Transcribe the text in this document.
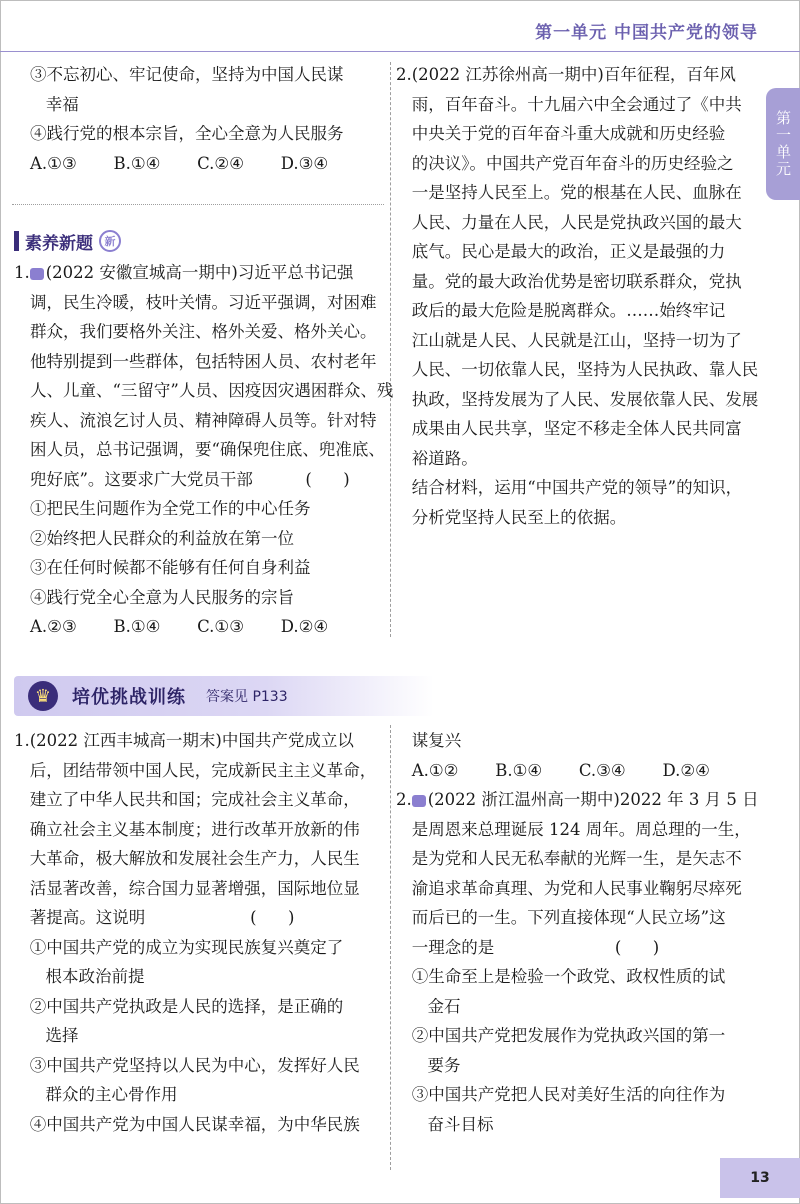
第一单元 中国共产党的领导
第一单元

③不忘初心、牢记使命，坚持为中国人民谋

幸福

④践行党的根本宗旨，全心全意为人民服务

A.①③       B.①④       C.②④       D.③④

素养新题	新

1. (2022 安徽宣城高一期中)习近平总书记强

调，民生冷暖，枝叶关情。习近平强调，对困难

群众，我们要格外关注、格外关爱、格外关心。

他特别提到一些群体，包括特困人员、农村老年

人、儿童、“三留守”人员、因疫因灾遇困群众、残

疾人、流浪乞讨人员、精神障碍人员等。针对特

困人员，总书记强调，要“确保兜住底、兜准底、

兜好底”。这要求广大党员干部          (      )

①把民生问题作为全党工作的中心任务

②始终把人民群众的利益放在第一位

③在任何时候都不能够有任何自身利益

④践行党全心全意为人民服务的宗旨

A.②③       B.①④       C.①③       D.②④

2.(2022 江苏徐州高一期中)百年征程，百年风

雨，百年奋斗。十九届六中全会通过了《中共

中央关于党的百年奋斗重大成就和历史经验

的决议》。中国共产党百年奋斗的历史经验之

一是坚持人民至上。党的根基在人民、血脉在

人民、力量在人民，人民是党执政兴国的最大

底气。民心是最大的政治，正义是最强的力

量。党的最大政治优势是密切联系群众，党执

政后的最大危险是脱离群众。……始终牢记

江山就是人民、人民就是江山，坚持一切为了

人民、一切依靠人民，坚持为人民执政、靠人民

执政，坚持发展为了人民、发展依靠人民、发展

成果由人民共享，坚定不移走全体人民共同富

裕道路。

结合材料，运用“中国共产党的领导”的知识，

分析党坚持人民至上的依据。

♛	培优挑战训练 答案见 P133

1.(2022 江西丰城高一期末)中国共产党成立以

后，团结带领中国人民，完成新民主主义革命，

建立了中华人民共和国；完成社会主义革命，

确立社会主义基本制度；进行改革开放新的伟

大革命，极大解放和发展社会生产力，人民生

活显著改善，综合国力显著增强，国际地位显

著提高。这说明                    (      )

①中国共产党的成立为实现民族复兴奠定了

根本政治前提

②中国共产党执政是人民的选择，是正确的

选择

③中国共产党坚持以人民为中心，发挥好人民

群众的主心骨作用

④中国共产党为中国人民谋幸福，为中华民族

谋复兴

A.①②       B.①④       C.③④       D.②④

2. (2022 浙江温州高一期中)2022 年 3 月 5 日

是周恩来总理诞辰 124 周年。周总理的一生，

是为党和人民无私奉献的光辉一生，是矢志不

渝追求革命真理、为党和人民事业鞠躬尽瘁死

而后已的一生。下列直接体现“人民立场”这

一理念的是                       (      )

①生命至上是检验一个政党、政权性质的试

金石

②中国共产党把发展作为党执政兴国的第一

要务

③中国共产党把人民对美好生活的向往作为

奋斗目标

13
